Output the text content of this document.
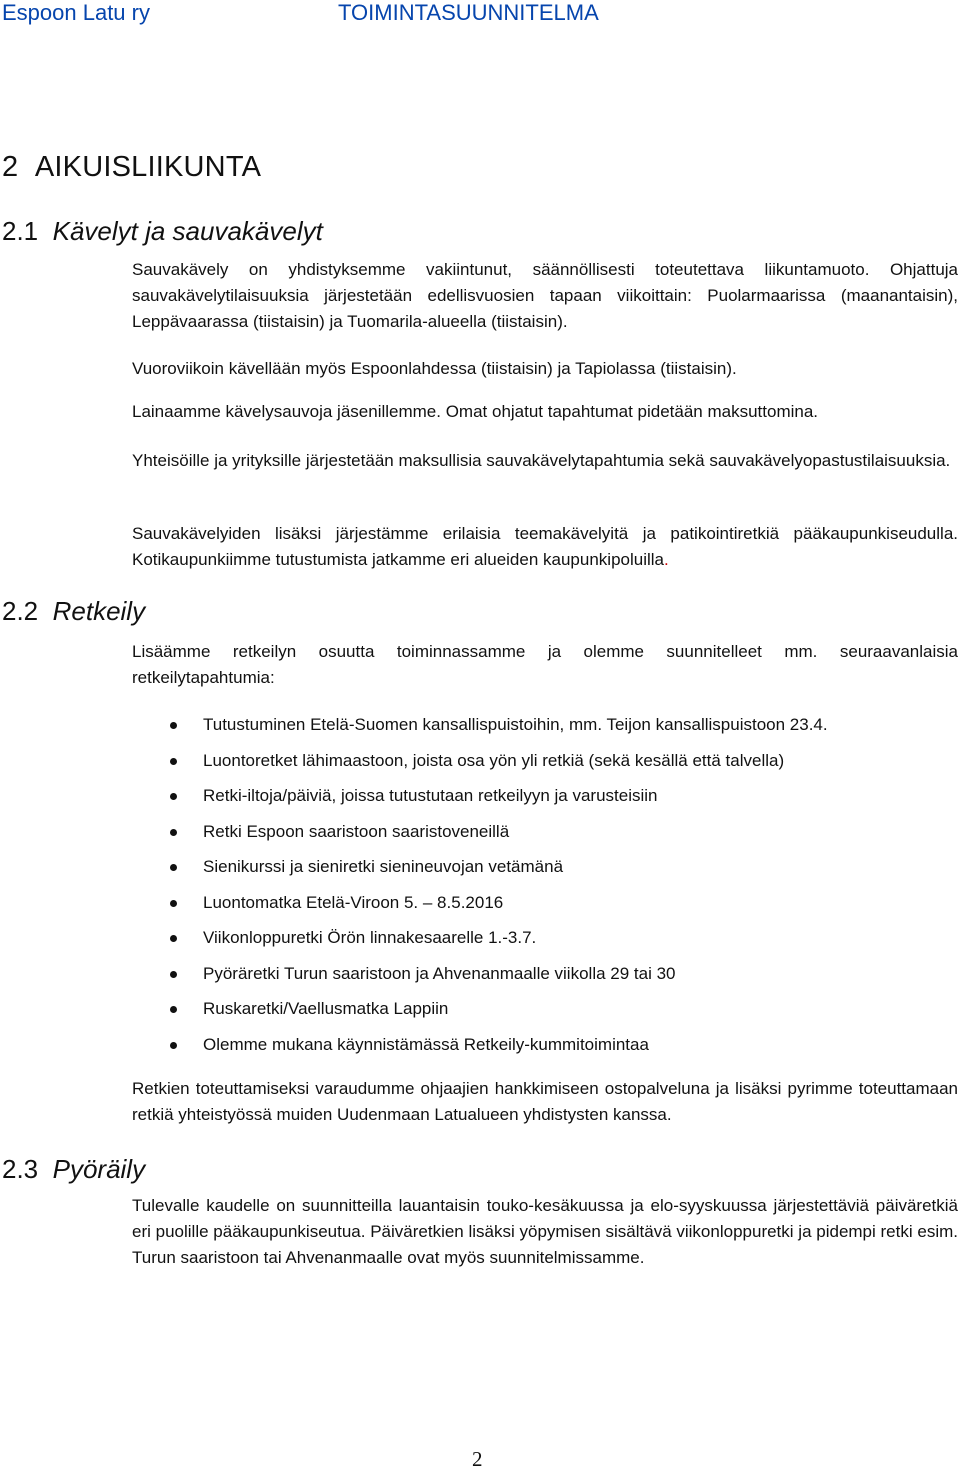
Espoon Latu ry	TOIMINTASUUNNITELMA
2 AIKUISLIIKUNTA
2.1 Kävelyt ja sauvakävelyt

Sauvakävely on yhdistyksemme vakiintunut, säännöllisesti toteutettava liikuntamuoto. Ohjattuja sauvakävelytilaisuuksia järjestetään edellisvuosien tapaan viikoittain: Puolarmaarissa (maanantaisin), Leppävaarassa (tiistaisin) ja Tuomarila-alueella (tiistaisin).

Vuoroviikoin kävellään myös Espoonlahdessa (tiistaisin) ja Tapiolassa (tiistaisin).

Lainaamme kävelysauvoja jäsenillemme. Omat ohjatut tapahtumat pidetään maksuttomina.

Yhteisöille ja yrityksille järjestetään maksullisia sauvakävelytapahtumia sekä sauvakävelyopastustilaisuuksia.

Sauvakävelyiden lisäksi järjestämme erilaisia teemakävelyitä ja patikointiretkiä pääkaupunkiseudulla. Kotikaupunkiimme tutustumista jatkamme eri alueiden kaupunkipoluilla.

2.2 Retkeily

Lisäämme retkeilyn osuutta toiminnassamme ja olemme suunnitelleet mm. seuraavanlaisia retkeilytapahtumia:

Tutustuminen Etelä-Suomen kansallispuistoihin, mm. Teijon kansallispuistoon 23.4.
Luontoretket lähimaastoon, joista osa yön yli retkiä (sekä kesällä että talvella)
Retki-iltoja/päiviä, joissa tutustutaan retkeilyyn ja varusteisiin
Retki Espoon saaristoon saaristoveneillä
Sienikurssi ja sieniretki sienineuvojan vetämänä
Luontomatka Etelä-Viroon 5. – 8.5.2016
Viikonloppuretki Örön linnakesaarelle 1.-3.7.
Pyöräretki Turun saaristoon ja Ahvenanmaalle viikolla 29 tai 30
Ruskaretki/Vaellusmatka Lappiin
Olemme mukana käynnistämässä Retkeily-kummitoimintaa

Retkien toteuttamiseksi varaudumme ohjaajien hankkimiseen ostopalveluna ja lisäksi pyrimme toteuttamaan retkiä yhteistyössä muiden Uudenmaan Latualueen yhdistysten kanssa.

2.3 Pyöräily

Tulevalle kaudelle on suunnitteilla lauantaisin touko-kesäkuussa ja elo-syyskuussa järjestettäviä päiväretkiä eri puolille pääkaupunkiseutua. Päiväretkien lisäksi yöpymisen sisältävä viikonloppuretki ja pidempi retki esim. Turun saaristoon tai Ahvenanmaalle ovat myös suunnitelmissamme.

2
